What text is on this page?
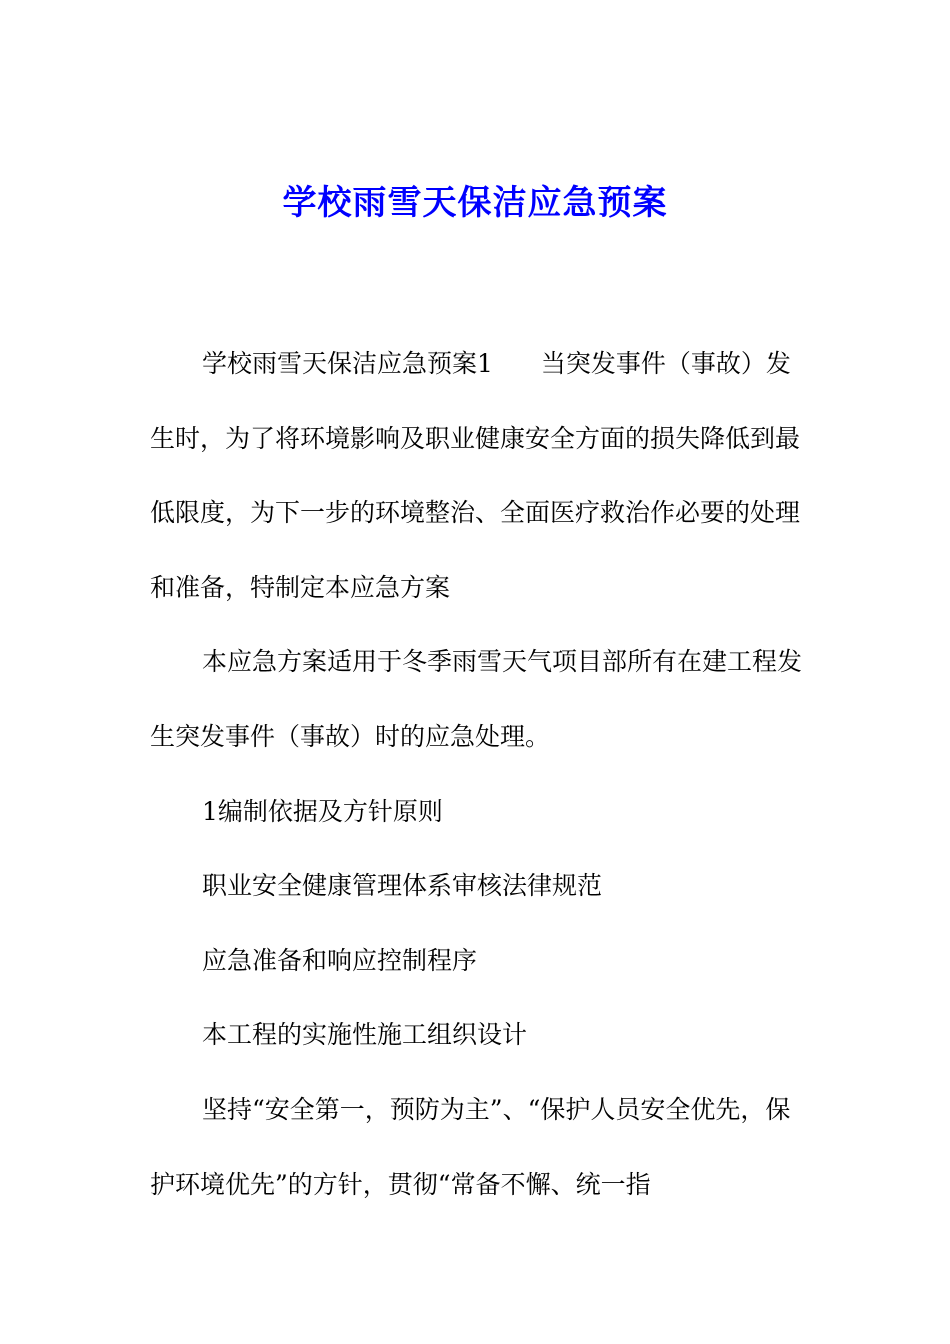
学校雨雪天保洁应急预案

学校雨雪天保洁应急预案1 当突发事件（事故）发生时，为了将环境影响及职业健康安全方面的损失降低到最低限度，为下一步的环境整治、全面医疗救治作必要的处理和准备，特制定本应急方案

本应急方案适用于冬季雨雪天气项目部所有在建工程发生突发事件（事故）时的应急处理。

1编制依据及方针原则

职业安全健康管理体系审核法律规范

应急准备和响应控制程序

本工程的实施性施工组织设计

坚持“安全第一，预防为主”、“保护人员安全优先，保护环境优先”的方针，贯彻“常备不懈、统一指
